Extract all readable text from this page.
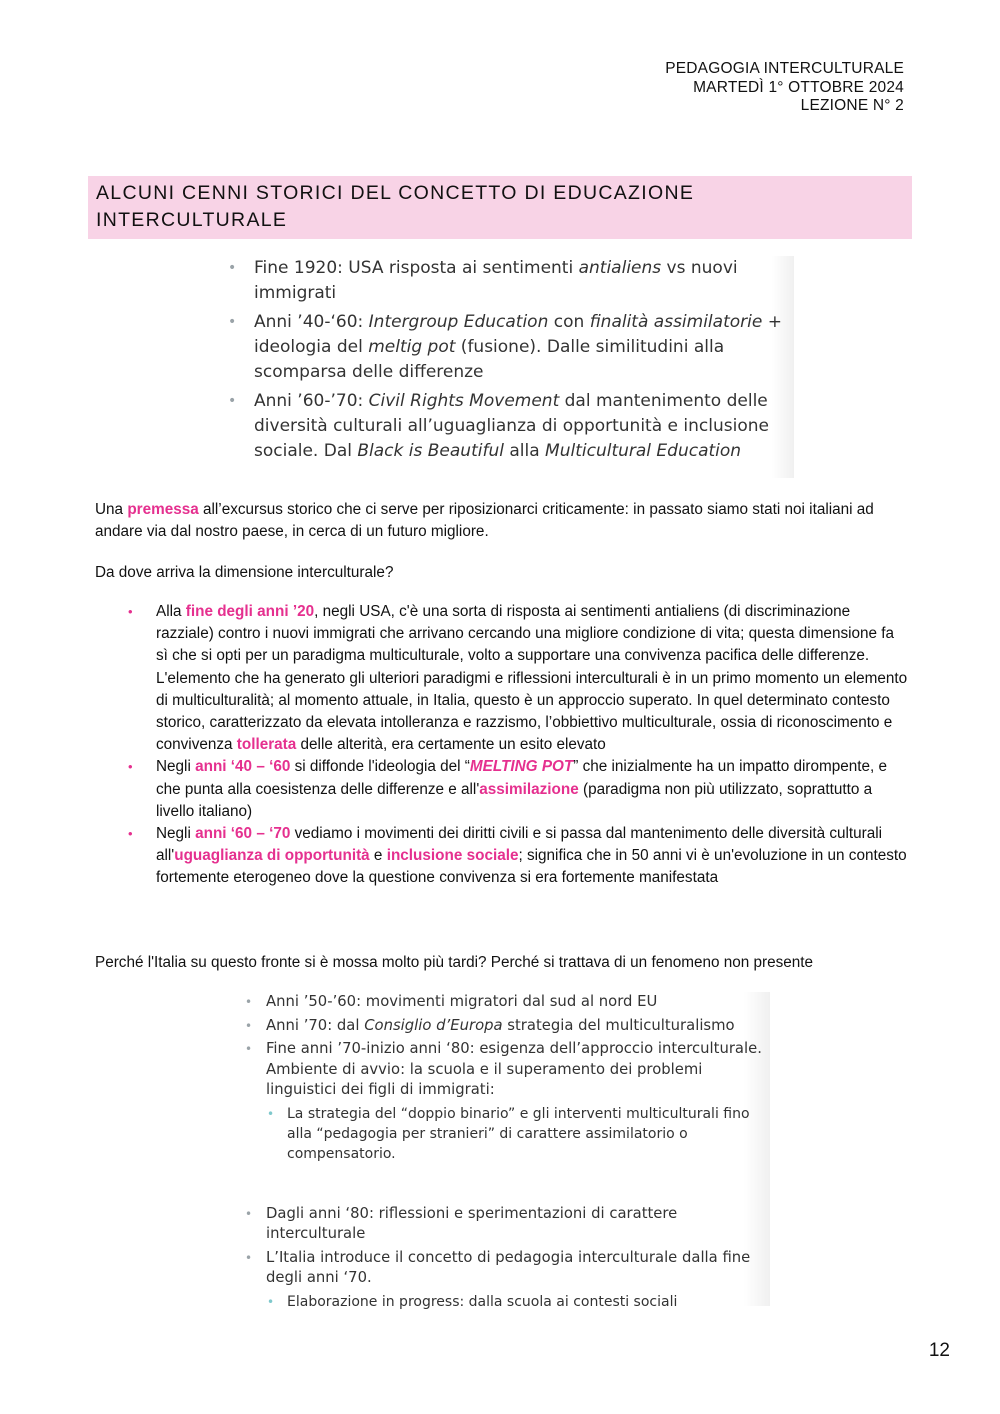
PEDAGOGIA INTERCULTURALE
MARTEDÌ 1° OTTOBRE 2024
LEZIONE N° 2
ALCUNI CENNI STORICI DEL CONCETTO DI EDUCAZIONE
INTERCULTURALE
• Fine 1920: USA risposta ai sentimenti antialiens vs nuovi immigrati
• Anni ’40-‘60: Intergroup Education con finalità assimilatorie + ideologia del meltig pot (fusione). Dalle similitudini alla scomparsa delle differenze
• Anni ’60-’70: Civil Rights Movement dal mantenimento delle diversità culturali all’uguaglianza di opportunità e inclusione sociale. Dal Black is Beautiful alla Multicultural Education

Una premessa all’excursus storico che ci serve per riposizionarci criticamente: in passato siamo stati noi italiani ad andare via dal nostro paese, in cerca di un futuro migliore.

Da dove arriva la dimensione interculturale?

• Alla fine degli anni ’20, negli USA, c'è una sorta di risposta ai sentimenti antialiens (di discriminazione razziale) contro i nuovi immigrati che arrivano cercando una migliore condizione di vita; questa dimensione fa sì che si opti per un paradigma multiculturale, volto a supportare una convivenza pacifica delle differenze. L'elemento che ha generato gli ulteriori paradigmi e riflessioni interculturali è in un primo momento un elemento di multiculturalità; al momento attuale, in Italia, questo è un approccio superato. In quel determinato contesto storico, caratterizzato da elevata intolleranza e razzismo, l’obbiettivo multiculturale, ossia di riconoscimento e convivenza tollerata delle alterità, era certamente un esito elevato
• Negli anni ‘40 – ‘60 si diffonde l'ideologia del “MELTING POT” che inizialmente ha un impatto dirompente, e che punta alla coesistenza delle differenze e all'assimilazione (paradigma non più utilizzato, soprattutto a livello italiano)
• Negli anni ‘60 – ‘70 vediamo i movimenti dei diritti civili e si passa dal mantenimento delle diversità culturali all'uguaglianza di opportunità e inclusione sociale; significa che in 50 anni vi è un'evoluzione in un contesto fortemente eterogeneo dove la questione convivenza si era fortemente manifestata

Perché l'Italia su questo fronte si è mossa molto più tardi? Perché si trattava di un fenomeno non presente

• Anni ’50-’60: movimenti migratori dal sud al nord EU
• Anni ’70: dal Consiglio d’Europa strategia del multiculturalismo
• Fine anni ’70-inizio anni ‘80: esigenza dell’approccio interculturale. Ambiente di avvio: la scuola e il superamento dei problemi linguistici dei figli di immigrati:
• La strategia del “doppio binario” e gli interventi multiculturali fino alla “pedagogia per stranieri” di carattere assimilatorio o compensatorio.
• Dagli anni ‘80: riflessioni e sperimentazioni di carattere interculturale
• L’Italia introduce il concetto di pedagogia interculturale dalla fine degli anni ‘70.
• Elaborazione in progress: dalla scuola ai contesti sociali
12
